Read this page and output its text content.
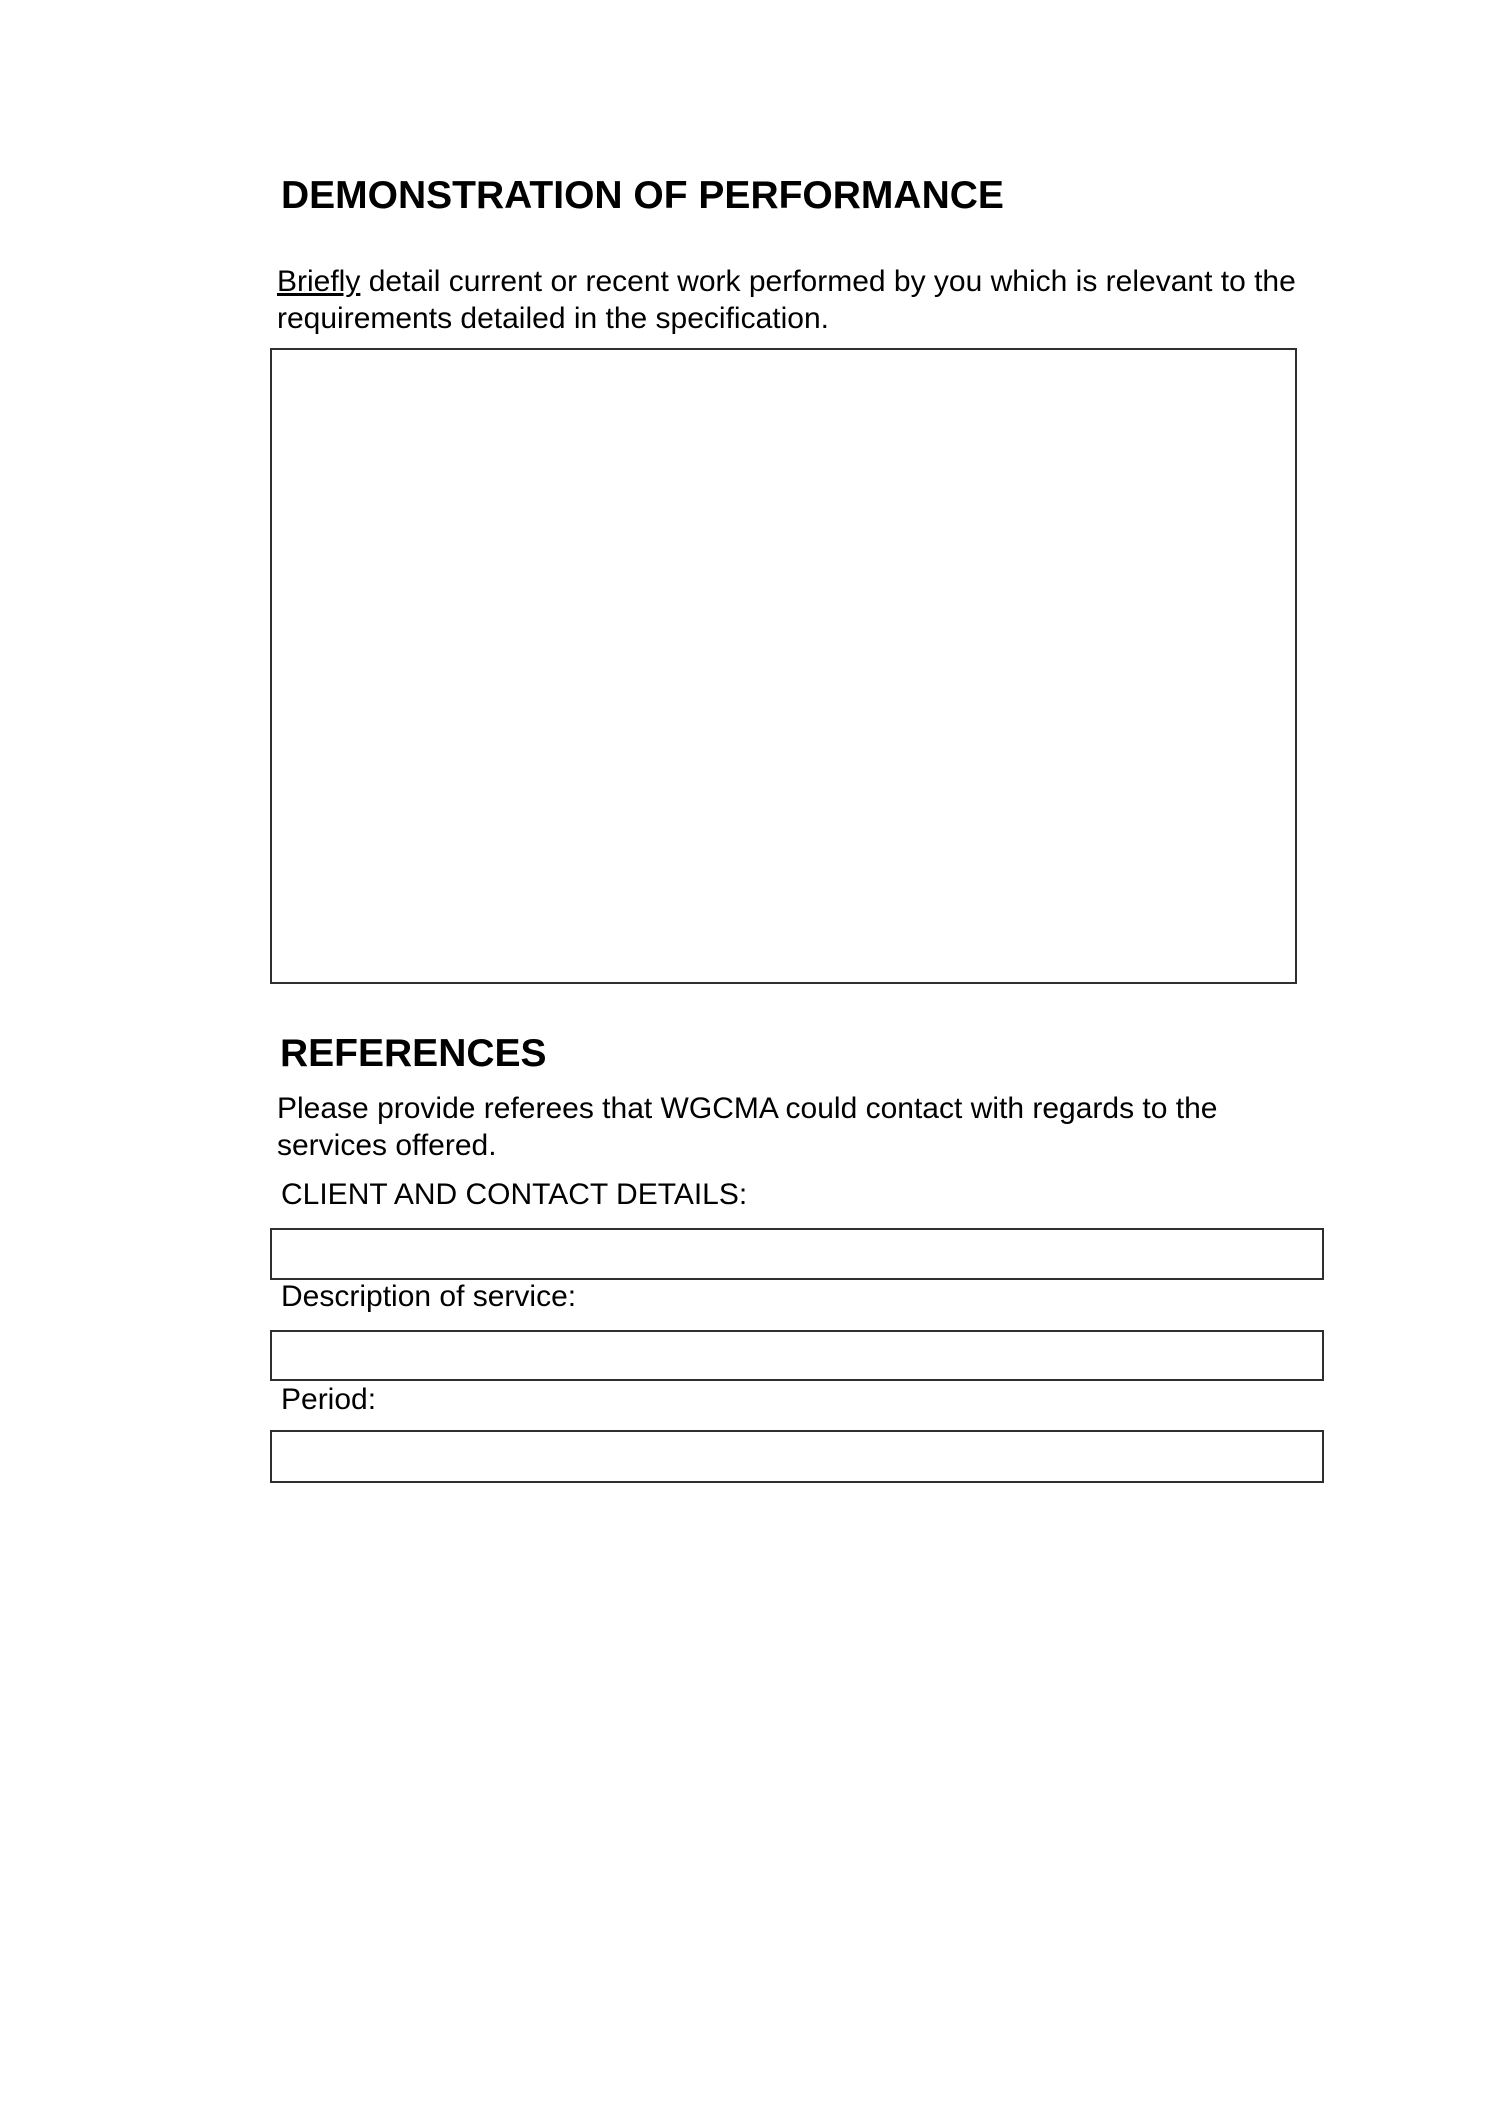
DEMONSTRATION OF PERFORMANCE

Briefly detail current or recent work performed by you which is relevant to the requirements detailed in the specification.

REFERENCES

Please provide referees that WGCMA could contact with regards to the services offered.

CLIENT AND CONTACT DETAILS:

Description of service:

Period:
